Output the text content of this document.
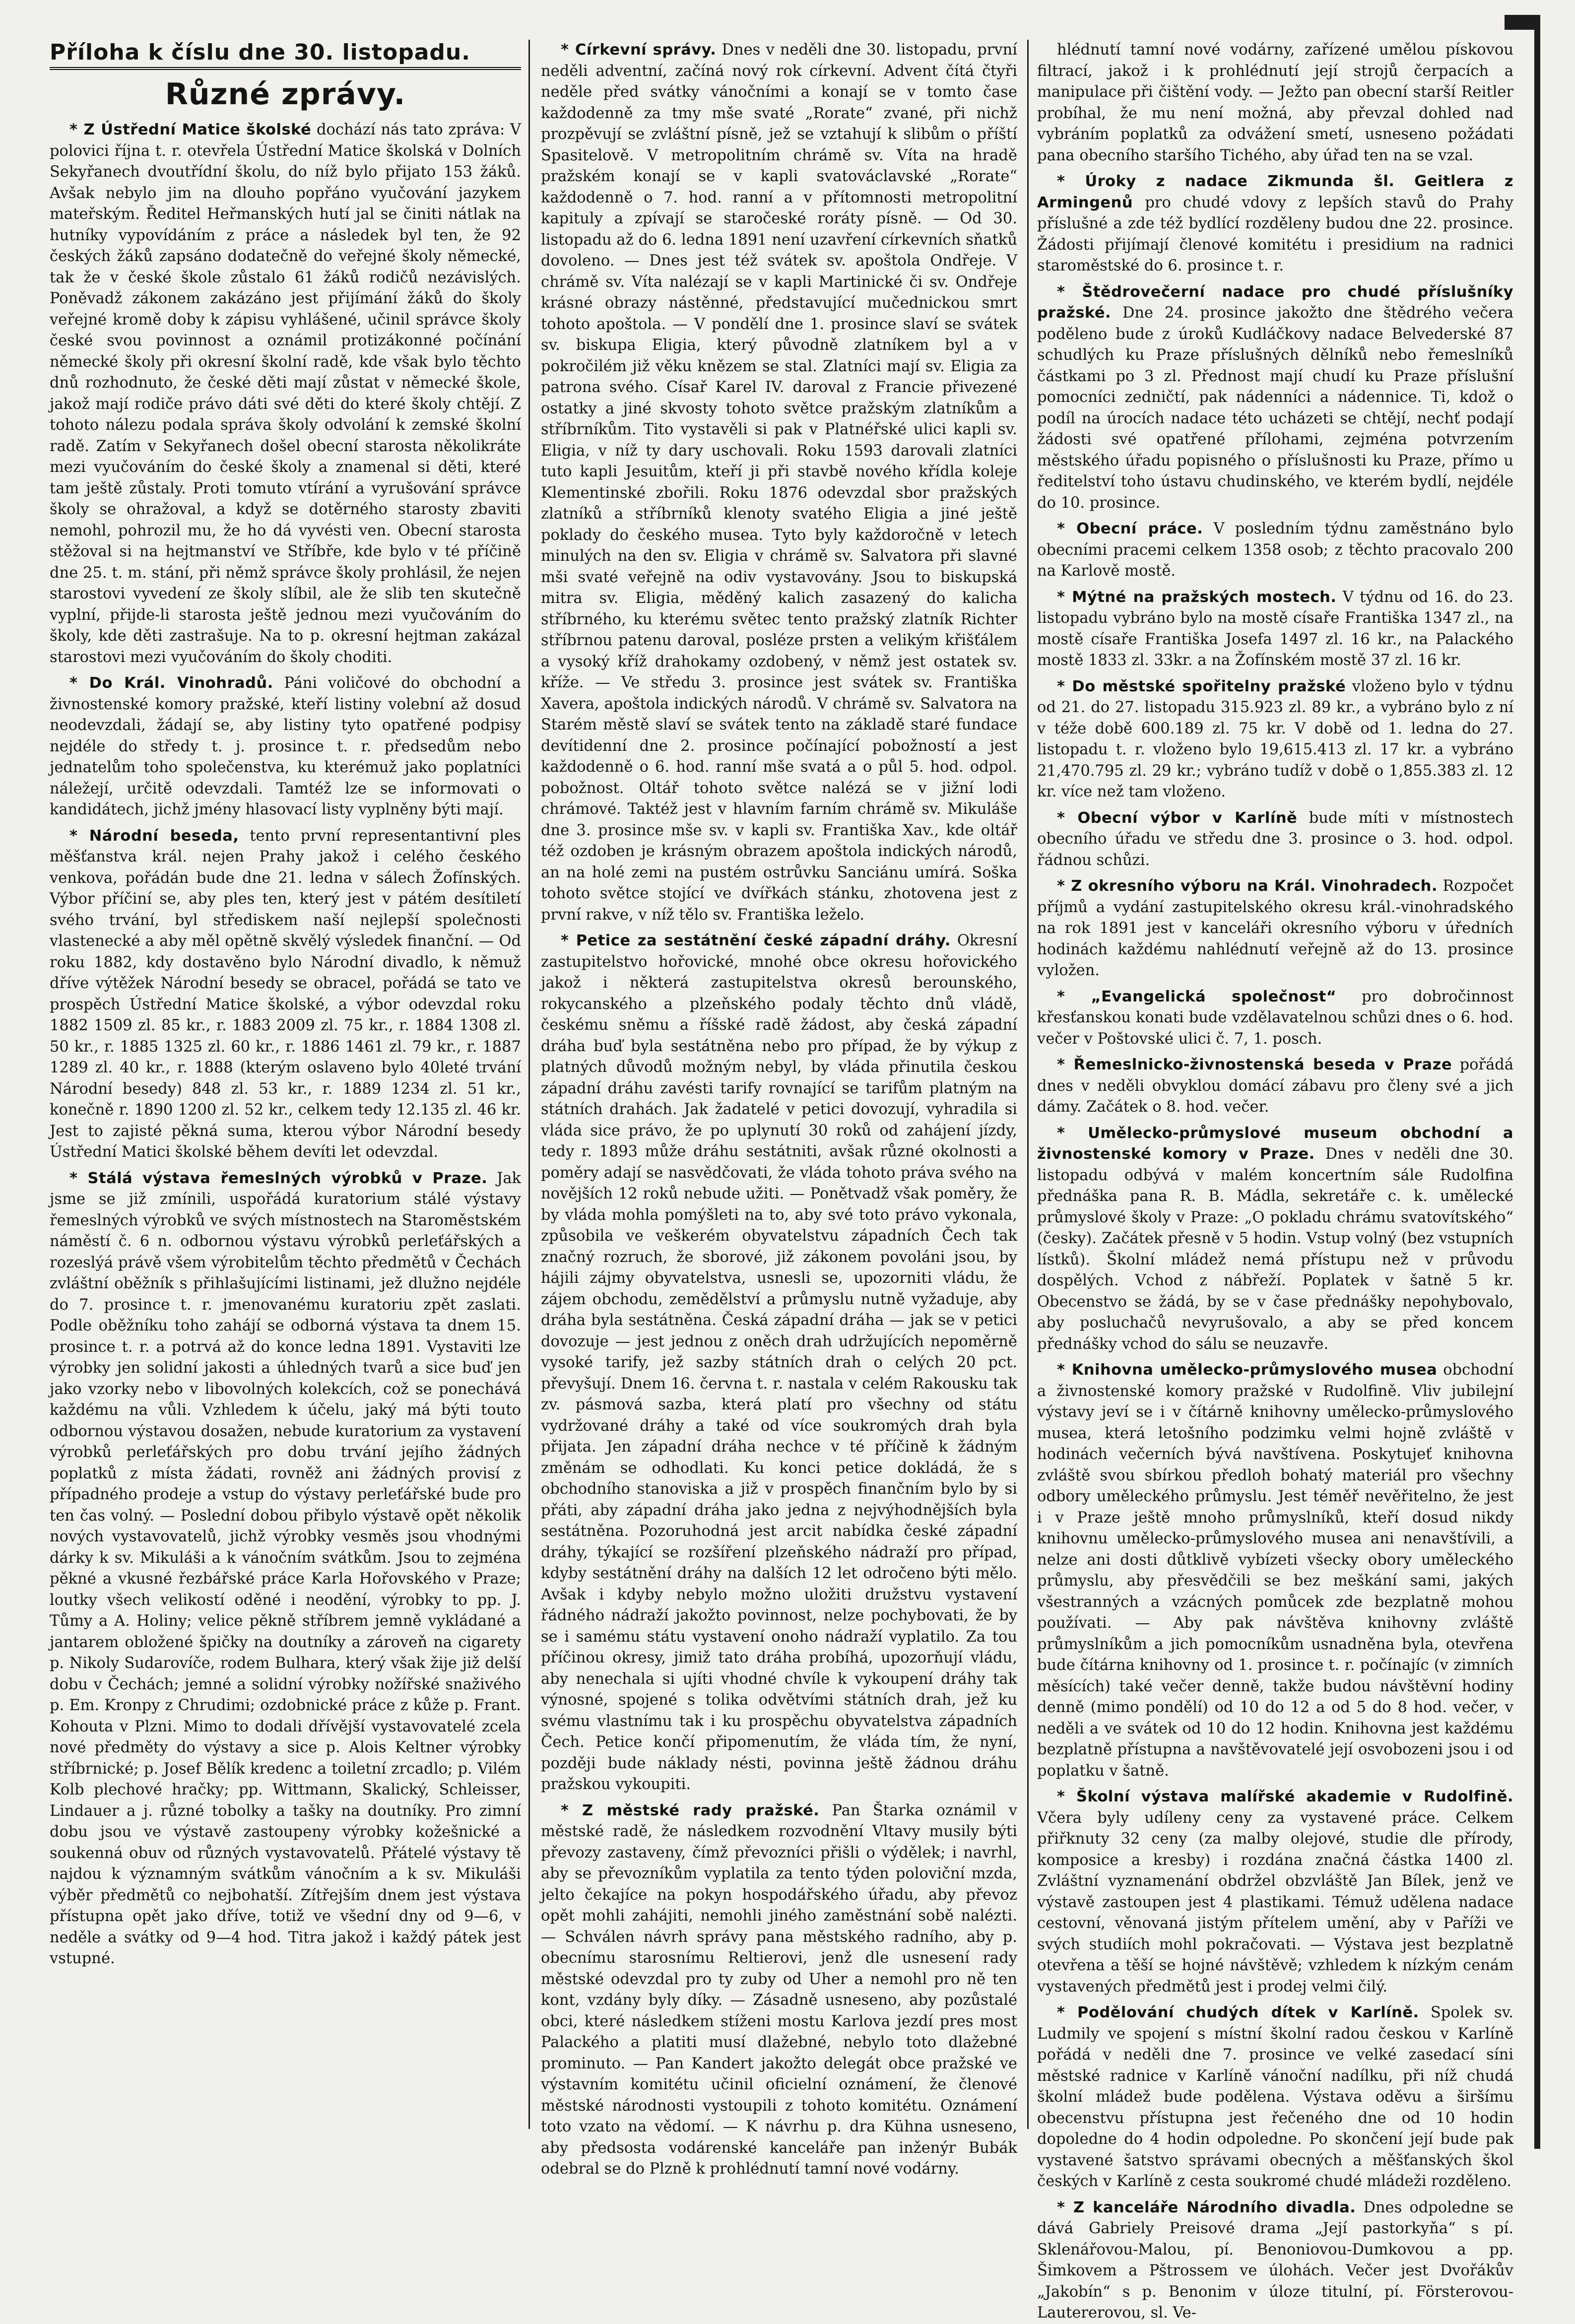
Příloha k číslu dne 30. listopadu.
Různé zprávy.

* Z Ústřední Matice školské dochází nás tato zpráva: V polovici října t. r. otevřela Ústřední Matice školská v Dolních Sekyřanech dvoutřídní školu, do níž bylo přijato 153 žáků. Avšak nebylo jim na dlouho popřáno vyučování jazykem mateřským. Ředitel Heřmanských hutí jal se činiti nátlak na hutníky vypovídáním z práce a následek byl ten, že 92 českých žáků zapsáno dodatečně do veřejné školy německé, tak že v české škole zůstalo 61 žáků rodičů nezávislých. Poněvadž zákonem zakázáno jest přijímání žáků do školy veřejné kromě doby k zápisu vyhlášené, učinil správce školy české svou povinnost a oznámil protizákonné počínání německé školy při okresní školní radě, kde však bylo těchto dnů rozhodnuto, že české děti mají zůstat v německé škole, jakož mají rodiče právo dáti své děti do které školy chtějí. Z tohoto nálezu podala správa školy odvolání k zemské školní radě. Zatím v Sekyřanech došel obecní starosta několikráte mezi vyučováním do české školy a znamenal si děti, které tam ještě zůstaly. Proti tomuto vtírání a vyrušování správce školy se ohražoval, a když se dotěrného starosty zbaviti nemohl, pohrozil mu, že ho dá vyvésti ven. Obecní starosta stěžoval si na hejtmanství ve Stříbře, kde bylo v té příčině dne 25. t. m. stání, při němž správce školy prohlásil, že nejen starostovi vyvedení ze školy slíbil, ale že slib ten skutečně vyplní, přijde-li starosta ještě jednou mezi vyučováním do školy, kde děti zastrašuje. Na to p. okresní hejtman zakázal starostovi mezi vyučováním do školy choditi.

* Do Král. Vinohradů. Páni voličové do obchodní a živnostenské komory pražské, kteří listiny volební až dosud neodevzdali, žádají se, aby listiny tyto opatřené podpisy nejdéle do středy t. j. prosince t. r. předsedům nebo jednatelům toho společenstva, ku kterémuž jako poplatníci náležejí, určitě odevzdali. Tamtéž lze se informovati o kandidátech, jichž jmény hlasovací listy vyplněny býti mají.

* Národní beseda, tento první representantivní ples měšťanstva král. nejen Prahy jakož i celého českého venkova, pořádán bude dne 21. ledna v sálech Žofínských. Výbor příčiní se, aby ples ten, který jest v pátém desítiletí svého trvání, byl střediskem naší nejlepší společnosti vlastenecké a aby měl opětně skvělý výsledek finanční. — Od roku 1882, kdy dostavěno bylo Národní divadlo, k němuž dříve výtěžek Národní besedy se obracel, pořádá se tato ve prospěch Ústřední Matice školské, a výbor odevzdal roku 1882 1509 zl. 85 kr., r. 1883 2009 zl. 75 kr., r. 1884 1308 zl. 50 kr., r. 1885 1325 zl. 60 kr., r. 1886 1461 zl. 79 kr., r. 1887 1289 zl. 40 kr., r. 1888 (kterým oslaveno bylo 40leté trvání Národní besedy) 848 zl. 53 kr., r. 1889 1234 zl. 51 kr., konečně r. 1890 1200 zl. 52 kr., celkem tedy 12.135 zl. 46 kr. Jest to zajisté pěkná suma, kterou výbor Národní besedy Ústřední Matici školské během devíti let odevzdal.

* Stálá výstava řemeslných výrobků v Praze. Jak jsme se již zmínili, uspořádá kuratorium stálé výstavy řemeslných výrobků ve svých místnostech na Staroměstském náměstí č. 6 n. odbornou výstavu výrobků perleťářských a rozeslýá právě všem výrobitelům těchto předmětů v Čechách zvláštní oběžník s přihlašujícími listinami, jež dlužno nejdéle do 7. prosince t. r. jmenovanému kuratoriu zpět zaslati. Podle oběžníku toho zahájí se odborná výstava ta dnem 15. prosince t. r. a potrvá až do konce ledna 1891. Vystaviti lze výrobky jen solidní jakosti a úhledných tvarů a sice buď jen jako vzorky nebo v libovolných kolekcích, což se ponechává každému na vůli. Vzhledem k účelu, jaký má býti touto odbornou výstavou dosažen, nebude kuratorium za vystavení výrobků perleťářských pro dobu trvání jejího žádných poplatků z místa žádati, rovněž ani žádných provisí z případného prodeje a vstup do výstavy perleťářské bude pro ten čas volný. — Poslední dobou přibylo výstavě opět několik nových vystavovatelů, jichž výrobky vesměs jsou vhodnými dárky k sv. Mikuláši a k vánočním svátkům. Jsou to zejména pěkné a vkusné řezbářské práce Karla Hořovského v Praze; loutky všech velikostí oděné i neodění, výrobky to pp. J. Tůmy a A. Holiny; velice pěkně stříbrem jemně vykládané a jantarem obložené špičky na doutníky a zároveň na cigarety p. Nikoly Sudarovíče, rodem Bulhara, který však žije již delší dobu v Čechách; jemné a solidní výrobky nožířské snaživého p. Em. Kronpy z Chrudimi; ozdobnické práce z kůže p. Frant. Kohouta v Plzni. Mimo to dodali dřívější vystavovatelé zcela nové předměty do výstavy a sice p. Alois Keltner výrobky stříbrnické; p. Josef Bělík kredenc a toiletní zrcadlo; p. Vilém Kolb plechové hračky; pp. Wittmann, Skalický, Schleisser, Lindauer a j. různé tobolky a tašky na doutníky. Pro zimní dobu jsou ve výstavě zastoupeny výrobky kožešnické a soukenná obuv od různých vystavovatelů. Přátelé výstavy tě najdou k významným svátkům vánočním a k sv. Mikuláši výběr předmětů co nejbohatší. Zítřejším dnem jest výstava přístupna opět jako dříve, totiž ve všední dny od 9—6, v neděle a svátky od 9—4 hod. Titra jakož i každý pátek jest vstupné.

* Církevní správy. Dnes v neděli dne 30. listopadu, první neděli adventní, začíná nový rok církevní. Advent čítá čtyři neděle před svátky vánočními a konají se v tomto čase každodenně za tmy mše svaté „Rorate“ zvané, při nichž prozpěvují se zvláštní písně, jež se vztahují k slibům o příští Spasitelově. V metropolitním chrámě sv. Víta na hradě pražském konají se v kapli svatováclavské „Rorate“ každodenně o 7. hod. ranní a v přítomnosti metropolitní kapituly a zpívají se staročeské roráty písně. — Od 30. listopadu až do 6. ledna 1891 není uzavření církevních sňatků dovoleno. — Dnes jest též svátek sv. apoštola Ondřeje. V chrámě sv. Víta nalézají se v kapli Martinické či sv. Ondřeje krásné obrazy nástěnné, představující mučednickou smrt tohoto apoštola. — V pondělí dne 1. prosince slaví se svátek sv. biskupa Eligia, který původně zlatníkem byl a v pokročilém již věku knězem se stal. Zlatníci mají sv. Eligia za patrona svého. Císař Karel IV. daroval z Francie přivezené ostatky a jiné skvosty tohoto světce pražským zlatníkům a stříbrníkům. Tito vystavěli si pak v Platnéřské ulici kapli sv. Eligia, v níž ty dary uschovali. Roku 1593 darovali zlatníci tuto kapli Jesuitům, kteří ji při stavbě nového křídla koleje Klementinské zbořili. Roku 1876 odevzdal sbor pražských zlatníků a stříbrníků klenoty svatého Eligia a jiné ještě poklady do českého musea. Tyto byly každoročně v letech minulých na den sv. Eligia v chrámě sv. Salvatora při slavné mši svaté veřejně na odiv vystavovány. Jsou to biskupská mitra sv. Eligia, měděný kalich zasazený do kalicha stříbrného, ku kterému světec tento pražský zlatník Richter stříbrnou patenu daroval, posléze prsten a velikým křišťálem a vysoký kříž drahokamy ozdobený, v němž jest ostatek sv. kříže. — Ve středu 3. prosince jest svátek sv. Františka Xavera, apoštola indických národů. V chrámě sv. Salvatora na Starém městě slaví se svátek tento na základě staré fundace devítidenní dne 2. prosince počínající pobožností a jest každodenně o 6. hod. ranní mše svatá a o půl 5. hod. odpol. pobožnost. Oltář tohoto světce nalézá se v jižní lodi chrámové. Taktéž jest v hlavním farním chrámě sv. Mikuláše dne 3. prosince mše sv. v kapli sv. Františka Xav., kde oltář též ozdoben je krásným obrazem apoštola indických národů, an na holé zemi na pustém ostrůvku Sanciánu umírá. Soška tohoto světce stojící ve dvířkách stánku, zhotovena jest z první rakve, v níž tělo sv. Františka leželo.

* Petice za sestátnění české západní dráhy. Okresní zastupitelstvo hořovické, mnohé obce okresu hořovického jakož i některá zastupitelstva okresů berounského, rokycanského a plzeňského podaly těchto dnů vládě, českému sněmu a říšské radě žádost, aby česká západní dráha buď byla sestátněna nebo pro případ, že by výkup z platných důvodů možným nebyl, by vláda přinutila českou západní dráhu zavésti tarify rovnající se tarifům platným na státních drahách. Jak žadatelé v petici dovozují, vyhradila si vláda sice právo, že po uplynutí 30 roků od zahájení jízdy, tedy r. 1893 může dráhu sestátniti, avšak různé okolnosti a poměry adají se nasvědčovati, že vláda tohoto práva svého na novějších 12 roků nebude užiti. — Ponětvadž však poměry, že by vláda mohla pomýšleti na to, aby své toto právo vykonala, způsobila ve veškerém obyvatelstvu západních Čech tak značný rozruch, že sborové, již zákonem povoláni jsou, by hájili zájmy obyvatelstva, usnesli se, upozorniti vládu, že zájem obchodu, zemědělství a průmyslu nutně vyžaduje, aby dráha byla sestátněna. Česká západní dráha — jak se v petici dovozuje — jest jednou z oněch drah udržujících nepoměrně vysoké tarify, jež sazby státních drah o celých 20 pct. převyšují. Dnem 16. června t. r. nastala v celém Rakousku tak zv. pásmová sazba, která platí pro všechny od státu vydržované dráhy a také od více soukromých drah byla přijata. Jen západní dráha nechce v té příčině k žádným změnám se odhodlati. Ku konci petice dokládá, že s obchodního stanoviska a již v prospěch finančním bylo by si přáti, aby západní dráha jako jedna z nejvýhodnějších byla sestátněna. Pozoruhodná jest arcit nabídka české západní dráhy, týkající se rozšíření plzeňského nádraží pro případ, kdyby sestátnění dráhy na dalších 12 let odročeno býti mělo. Avšak i kdyby nebylo možno uložiti družstvu vystavení řádného nádraží jakožto povinnost, nelze pochybovati, že by se i samému státu vystavení onoho nádraží vyplatilo. Za tou příčinou okresy, jimiž tato dráha probíhá, upozorňují vládu, aby nenechala si ujíti vhodné chvíle k vykoupení dráhy tak výnosné, spojené s tolika odvětvími státních drah, jež ku svému vlastnímu tak i ku prospěchu obyvatelstva západních Čech. Petice končí připomenutím, že vláda tím, že nyní, později bude náklady nésti, povinna ještě žádnou dráhu pražskou vykoupiti.

* Z městské rady pražské. Pan Štarka oznámil v městské radě, že následkem rozvodnění Vltavy musily býti převozy zastaveny, čímž převozníci přišli o výdělek; i navrhl, aby se převozníkům vyplatila za tento týden poloviční mzda, jelto čekajíce na pokyn hospodářského úřadu, aby převoz opět mohli zahájiti, nemohli jiného zaměstnání sobě nalézti. — Schválen návrh správy pana městského radního, aby p. obecnímu starosnímu Reltierovi, jenž dle usnesení rady městské odevzdal pro ty zuby od Uher a nemohl pro ně ten kont, vzdány byly díky. — Zásadně usneseno, aby pozůstalé obci, které následkem stíženi mostu Karlova jezdí pres most Palackého a platiti musí dlažebné, nebylo toto dlažebné prominuto. — Pan Kandert jakožto delegát obce pražské ve výstavním komitétu učinil oficielní oznámení, že členové městské národnosti vystoupili z tohoto komitétu. Oznámení toto vzato na vědomí. — K návrhu p. dra Kühna usneseno, aby předsosta vodárenské kanceláře pan inženýr Bubák odebral se do Plzně k prohlédnutí tamní nové vodárny.

hlédnutí tamní nové vodárny, zařízené umělou pískovou filtrací, jakož i k prohlédnutí její strojů čerpacích a manipulace při čištění vody. — Ježto pan obecní starší Reitler probíhal, že mu není možná, aby převzal dohled nad vybráním poplatků za odvážení smetí, usneseno požádati pana obecního staršího Tichého, aby úřad ten na se vzal.

* Úroky z nadace Zikmunda šl. Geitlera z Armingenů pro chudé vdovy z lepších stavů do Prahy příslušné a zde též bydlící rozděleny budou dne 22. prosince. Žádosti přijímají členové komitétu i presidium na radnici staroměstské do 6. prosince t. r.

* Štědrovečerní nadace pro chudé příslušníky pražské. Dne 24. prosince jakožto dne štědrého večera poděleno bude z úroků Kudláčkovy nadace Belvederské 87 schudlých ku Praze příslušných dělníků nebo řemeslníků částkami po 3 zl. Přednost mají chudí ku Praze příslušní pomocníci zedničtí, pak nádenníci a nádennice. Ti, kdož o podíl na úrocích nadace této ucházeti se chtějí, nechť podají žádosti své opatřené přílohami, zejména potvrzením městského úřadu popisného o příslušnosti ku Praze, přímo u ředitelství toho ústavu chudinského, ve kterém bydlí, nejdéle do 10. prosince.

* Obecní práce. V posledním týdnu zaměstnáno bylo obecními pracemi celkem 1358 osob; z těchto pracovalo 200 na Karlově mostě.

* Mýtné na pražských mostech. V týdnu od 16. do 23. listopadu vybráno bylo na mostě císaře Františka 1347 zl., na mostě císaře Františka Josefa 1497 zl. 16 kr., na Palackého mostě 1833 zl. 33kr. a na Žofínském mostě 37 zl. 16 kr.

* Do městské spořitelny pražské vloženo bylo v týdnu od 21. do 27. listopadu 315.923 zl. 89 kr., a vybráno bylo z ní v téže době 600.189 zl. 75 kr. V době od 1. ledna do 27. listopadu t. r. vloženo bylo 19,615.413 zl. 17 kr. a vybráno 21,470.795 zl. 29 kr.; vybráno tudíž v době o 1,855.383 zl. 12 kr. více než tam vloženo.

* Obecní výbor v Karlíně bude míti v místnostech obecního úřadu ve středu dne 3. prosince o 3. hod. odpol. řádnou schůzi.

* Z okresního výboru na Král. Vinohradech. Rozpočet příjmů a vydání zastupitelského okresu král.-vinohradského na rok 1891 jest v kanceláři okresního výboru v úředních hodinách každému nahlédnutí veřejně až do 13. prosince vyložen.

* „Evangelická společnost“ pro dobročinnost křesťanskou konati bude vzdělavatelnou schůzi dnes o 6. hod. večer v Poštovské ulici č. 7, 1. posch.

* Řemeslnicko-živnostenská beseda v Praze pořádá dnes v neděli obvyklou domácí zábavu pro členy své a jich dámy. Začátek o 8. hod. večer.

* Umělecko-průmyslové museum obchodní a živnostenské komory v Praze. Dnes v neděli dne 30. listopadu odbývá v malém koncertním sále Rudolfina přednáška pana R. B. Mádla, sekretáře c. k. umělecké průmyslové školy v Praze: „O pokladu chrámu svatovítského“ (česky). Začátek přesně v 5 hodin. Vstup volný (bez vstupních lístků). Školní mládež nemá přístupu než v průvodu dospělých. Vchod z nábřeží. Poplatek v šatně 5 kr. Obecenstvo se žádá, by se v čase přednášky nepohybovalo, aby posluchačů nevyrušovalo, a aby se před koncem přednášky vchod do sálu se neuzavře.

* Knihovna umělecko-průmyslového musea obchodní a živnostenské komory pražské v Rudolfině. Vliv jubilejní výstavy jeví se i v čítárně knihovny umělecko-průmyslového musea, která letošního podzimku velmi hojně zvláště v hodinách večerních bývá navštívena. Poskytujeť knihovna zvláště svou sbírkou předloh bohatý materiál pro všechny odbory uměleckého průmyslu. Jest téměř nevěřitelno, že jest i v Praze ještě mnoho průmyslníků, kteří dosud nikdy knihovnu umělecko-průmyslového musea ani nenavštívili, a nelze ani dosti důtklivě vybízeti všecky obory uměleckého průmyslu, aby přesvědčili se bez meškání sami, jakých všestranných a vzácných pomůcek zde bezplatně mohou používati. — Aby pak návštěva knihovny zvláště průmyslníkům a jich pomocníkům usnadněna byla, otevřena bude čítárna knihovny od 1. prosince t. r. počínajíc (v zimních měsících) také večer denně, takže budou návštěvní hodiny denně (mimo pondělí) od 10 do 12 a od 5 do 8 hod. večer, v neděli a ve svátek od 10 do 12 hodin. Knihovna jest každému bezplatně přístupna a navštěvovatelé její osvobozeni jsou i od poplatku v šatně.

* Školní výstava malířské akademie v Rudolfině. Včera byly udíleny ceny za vystavené práce. Celkem přiřknuty 32 ceny (za malby olejové, studie dle přírody, komposice a kresby) i rozdána značná částka 1400 zl. Zvláštní vyznamenání obdržel obzvláště Jan Bílek, jenž ve výstavě zastoupen jest 4 plastikami. Témuž udělena nadace cestovní, věnovaná jistým přítelem umění, aby v Paříži ve svých studiích mohl pokračovati. — Výstava jest bezplatně otevřena a těší se hojné návštěvě; vzhledem k nízkým cenám vystavených předmětů jest i prodej velmi čilý.

* Podělování chudých dítek v Karlíně. Spolek sv. Ludmily ve spojení s místní školní radou českou v Karlíně pořádá v neděli dne 7. prosince ve velké zasedací síni městské radnice v Karlíně vánoční nadílku, při níž chudá školní mládež bude podělena. Výstava oděvu a širšímu obecenstvu přístupna jest řečeného dne od 10 hodin dopoledne do 4 hodin odpoledne. Po skončení její bude pak vystavené šatstvo správami obecných a měšťanských škol českých v Karlíně z cesta soukromé chudé mládeži rozděleno.

* Z kanceláře Národního divadla. Dnes odpoledne se dává Gabriely Preisové drama „Její pastorkyňa“ s pí. Sklenářovou-Malou, pí. Benoniovou-Dumkovou a pp. Šimkovem a Pštrossem ve úlohách. Večer jest Dvořákův „Jakobín“ s p. Benonim v úloze titulní, pí. Försterovou-Lautererovou, sl. Ve-
